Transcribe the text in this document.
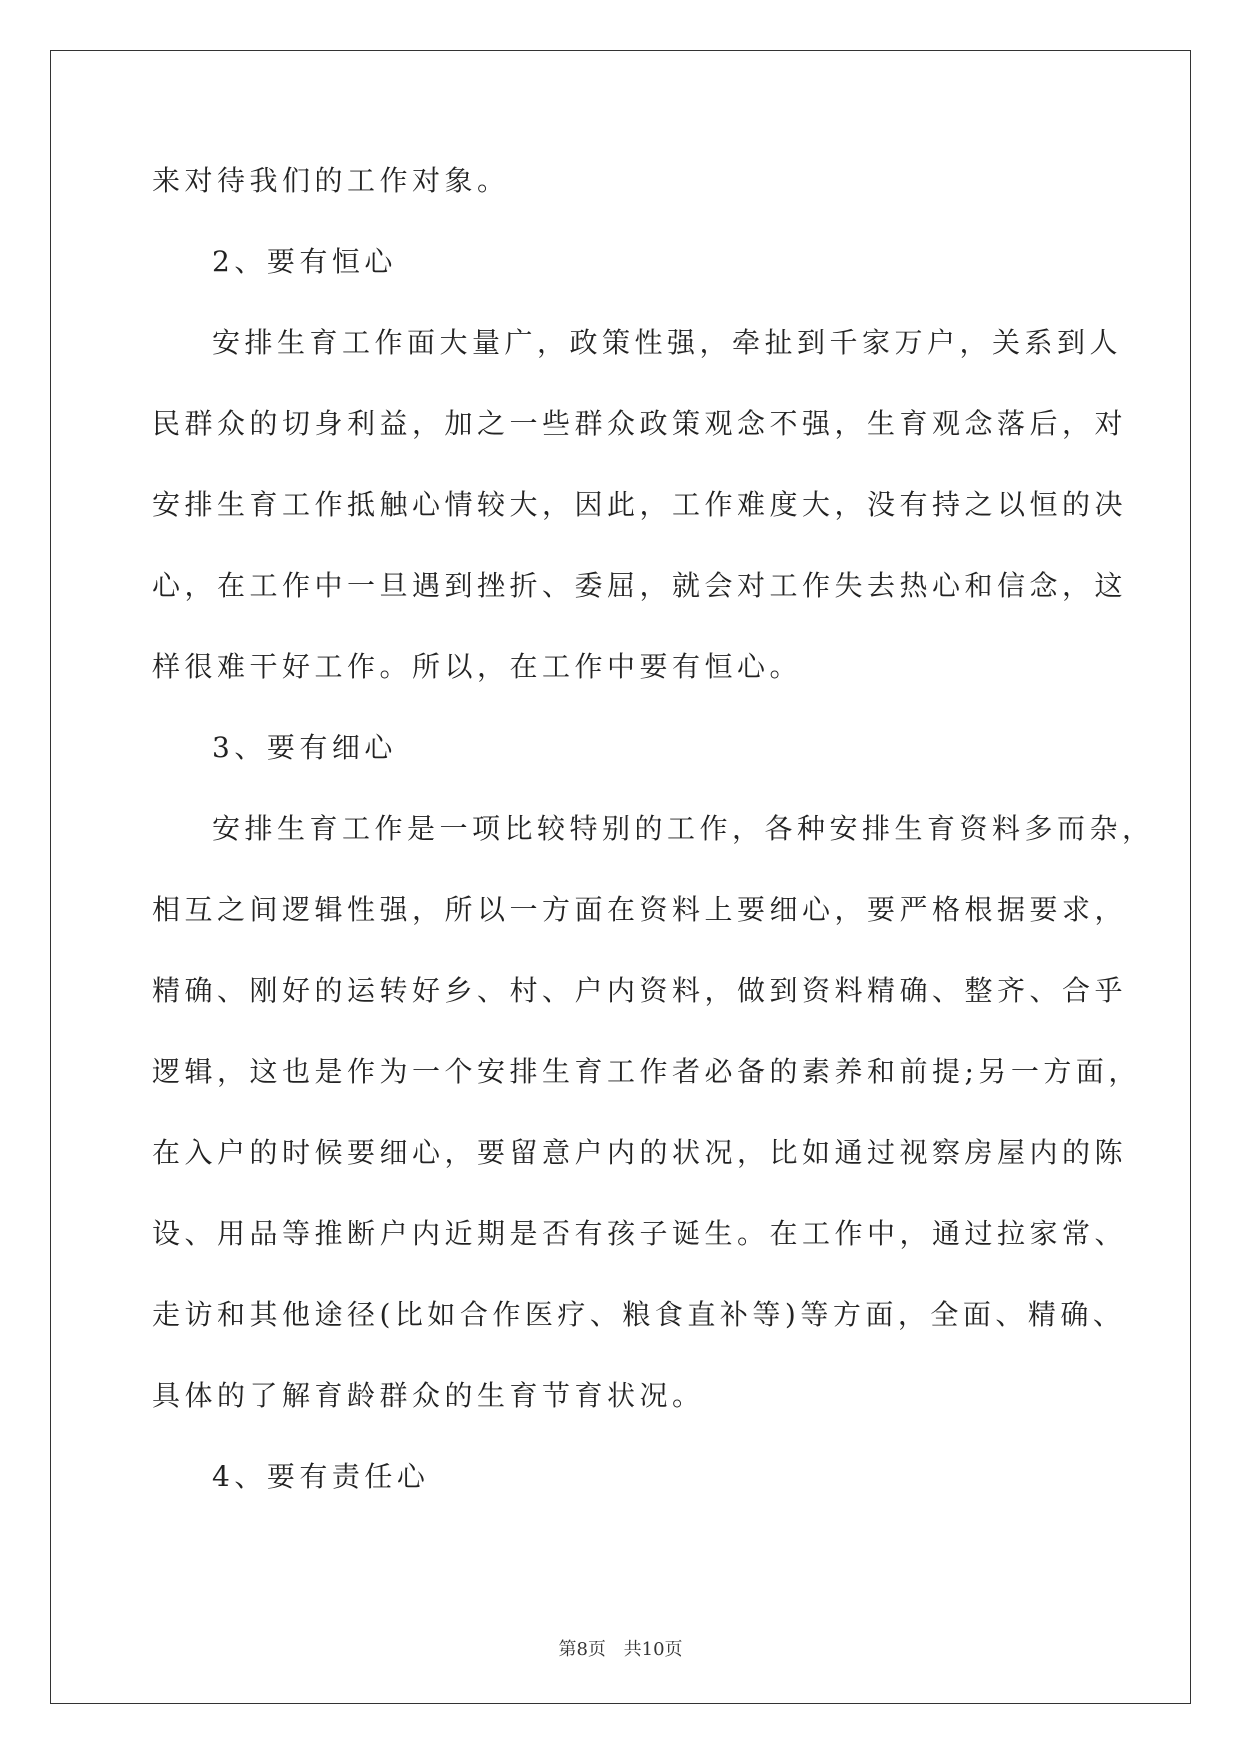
来对待我们的工作对象。

2、要有恒心

安排生育工作面大量广，政策性强，牵扯到千家万户，关系到人

民群众的切身利益，加之一些群众政策观念不强，生育观念落后，对

安排生育工作抵触心情较大，因此，工作难度大，没有持之以恒的决

心，在工作中一旦遇到挫折、委屈，就会对工作失去热心和信念，这

样很难干好工作。所以，在工作中要有恒心。

3、要有细心

安排生育工作是一项比较特别的工作，各种安排生育资料多而杂，

相互之间逻辑性强，所以一方面在资料上要细心，要严格根据要求，

精确、刚好的运转好乡、村、户内资料，做到资料精确、整齐、合乎

逻辑，这也是作为一个安排生育工作者必备的素养和前提;另一方面，

在入户的时候要细心，要留意户内的状况，比如通过视察房屋内的陈

设、用品等推断户内近期是否有孩子诞生。在工作中，通过拉家常、

走访和其他途径(比如合作医疗、粮食直补等)等方面，全面、精确、

具体的了解育龄群众的生育节育状况。

4、要有责任心

第8页 共10页
